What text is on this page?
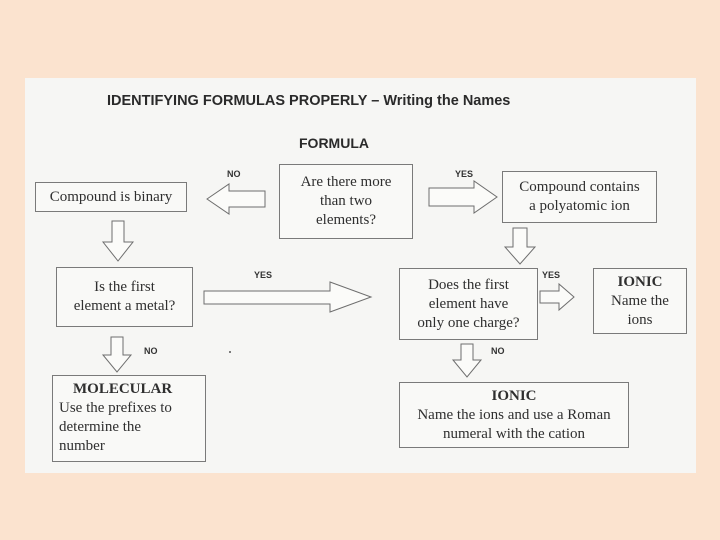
IDENTIFYING FORMULAS PROPERLY – Writing the Names
FORMULA
Are there more
than two
elements?
Compound is binary
Compound contains
a polyatomic ion
Is the first
element a metal?
Does the first
element have
only one charge?
IONIC
Name the
ions
MOLECULAR
Use the prefixes to
determine the
number
IONIC
Name the ions and use a Roman
numeral with the cation
NO	YES
YES	YES
NO	NO
